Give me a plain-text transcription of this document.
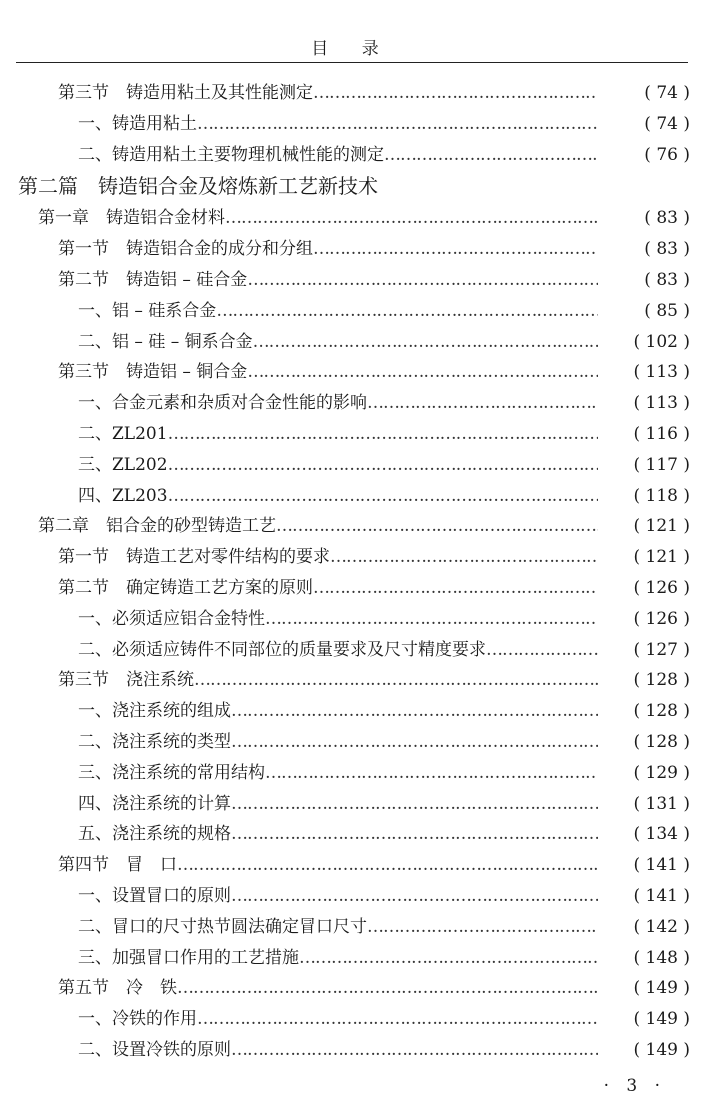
目 录
第三节　铸造用粘土及其性能测定 ……………………………………………………………………………………………………………………………………………………………………	( 74 )
一、铸造用粘土 ……………………………………………………………………………………………………………………………………………………………………	( 74 )
二、铸造用粘土主要物理机械性能的测定 ……………………………………………………………………………………………………………………………………………………………………	( 76 )
第二篇　铸造铝合金及熔炼新工艺新技术
第一章　铸造铝合金材料 ……………………………………………………………………………………………………………………………………………………………………	( 83 )
第一节　铸造铝合金的成分和分组 ……………………………………………………………………………………………………………………………………………………………………	( 83 )
第二节　铸造铝 – 硅合金 ……………………………………………………………………………………………………………………………………………………………………	( 83 )
一、铝 – 硅系合金 ……………………………………………………………………………………………………………………………………………………………………	( 85 )
二、铝 – 硅 – 铜系合金 ……………………………………………………………………………………………………………………………………………………………………	( 102 )
第三节　铸造铝 – 铜合金 ……………………………………………………………………………………………………………………………………………………………………	( 113 )
一、合金元素和杂质对合金性能的影响 ……………………………………………………………………………………………………………………………………………………………………	( 113 )
二、ZL201 ……………………………………………………………………………………………………………………………………………………………………	( 116 )
三、ZL202 ……………………………………………………………………………………………………………………………………………………………………	( 117 )
四、ZL203 ……………………………………………………………………………………………………………………………………………………………………	( 118 )
第二章　铝合金的砂型铸造工艺 ……………………………………………………………………………………………………………………………………………………………………	( 121 )
第一节　铸造工艺对零件结构的要求 ……………………………………………………………………………………………………………………………………………………………………	( 121 )
第二节　确定铸造工艺方案的原则 ……………………………………………………………………………………………………………………………………………………………………	( 126 )
一、必须适应铝合金特性 ……………………………………………………………………………………………………………………………………………………………………	( 126 )
二、必须适应铸件不同部位的质量要求及尺寸精度要求 ……………………………………………………………………………………………………………………………………………………………………	( 127 )
第三节　浇注系统 ……………………………………………………………………………………………………………………………………………………………………	( 128 )
一、浇注系统的组成 ……………………………………………………………………………………………………………………………………………………………………	( 128 )
二、浇注系统的类型 ……………………………………………………………………………………………………………………………………………………………………	( 128 )
三、浇注系统的常用结构 ……………………………………………………………………………………………………………………………………………………………………	( 129 )
四、浇注系统的计算 ……………………………………………………………………………………………………………………………………………………………………	( 131 )
五、浇注系统的规格 ……………………………………………………………………………………………………………………………………………………………………	( 134 )
第四节　冒　口 ……………………………………………………………………………………………………………………………………………………………………	( 141 )
一、设置冒口的原则 ……………………………………………………………………………………………………………………………………………………………………	( 141 )
二、冒口的尺寸热节圆法确定冒口尺寸 ……………………………………………………………………………………………………………………………………………………………………	( 142 )
三、加强冒口作用的工艺措施 ……………………………………………………………………………………………………………………………………………………………………	( 148 )
第五节　冷　铁 ……………………………………………………………………………………………………………………………………………………………………	( 149 )
一、冷铁的作用 ……………………………………………………………………………………………………………………………………………………………………	( 149 )
二、设置冷铁的原则 ……………………………………………………………………………………………………………………………………………………………………	( 149 )
· 3 ·
